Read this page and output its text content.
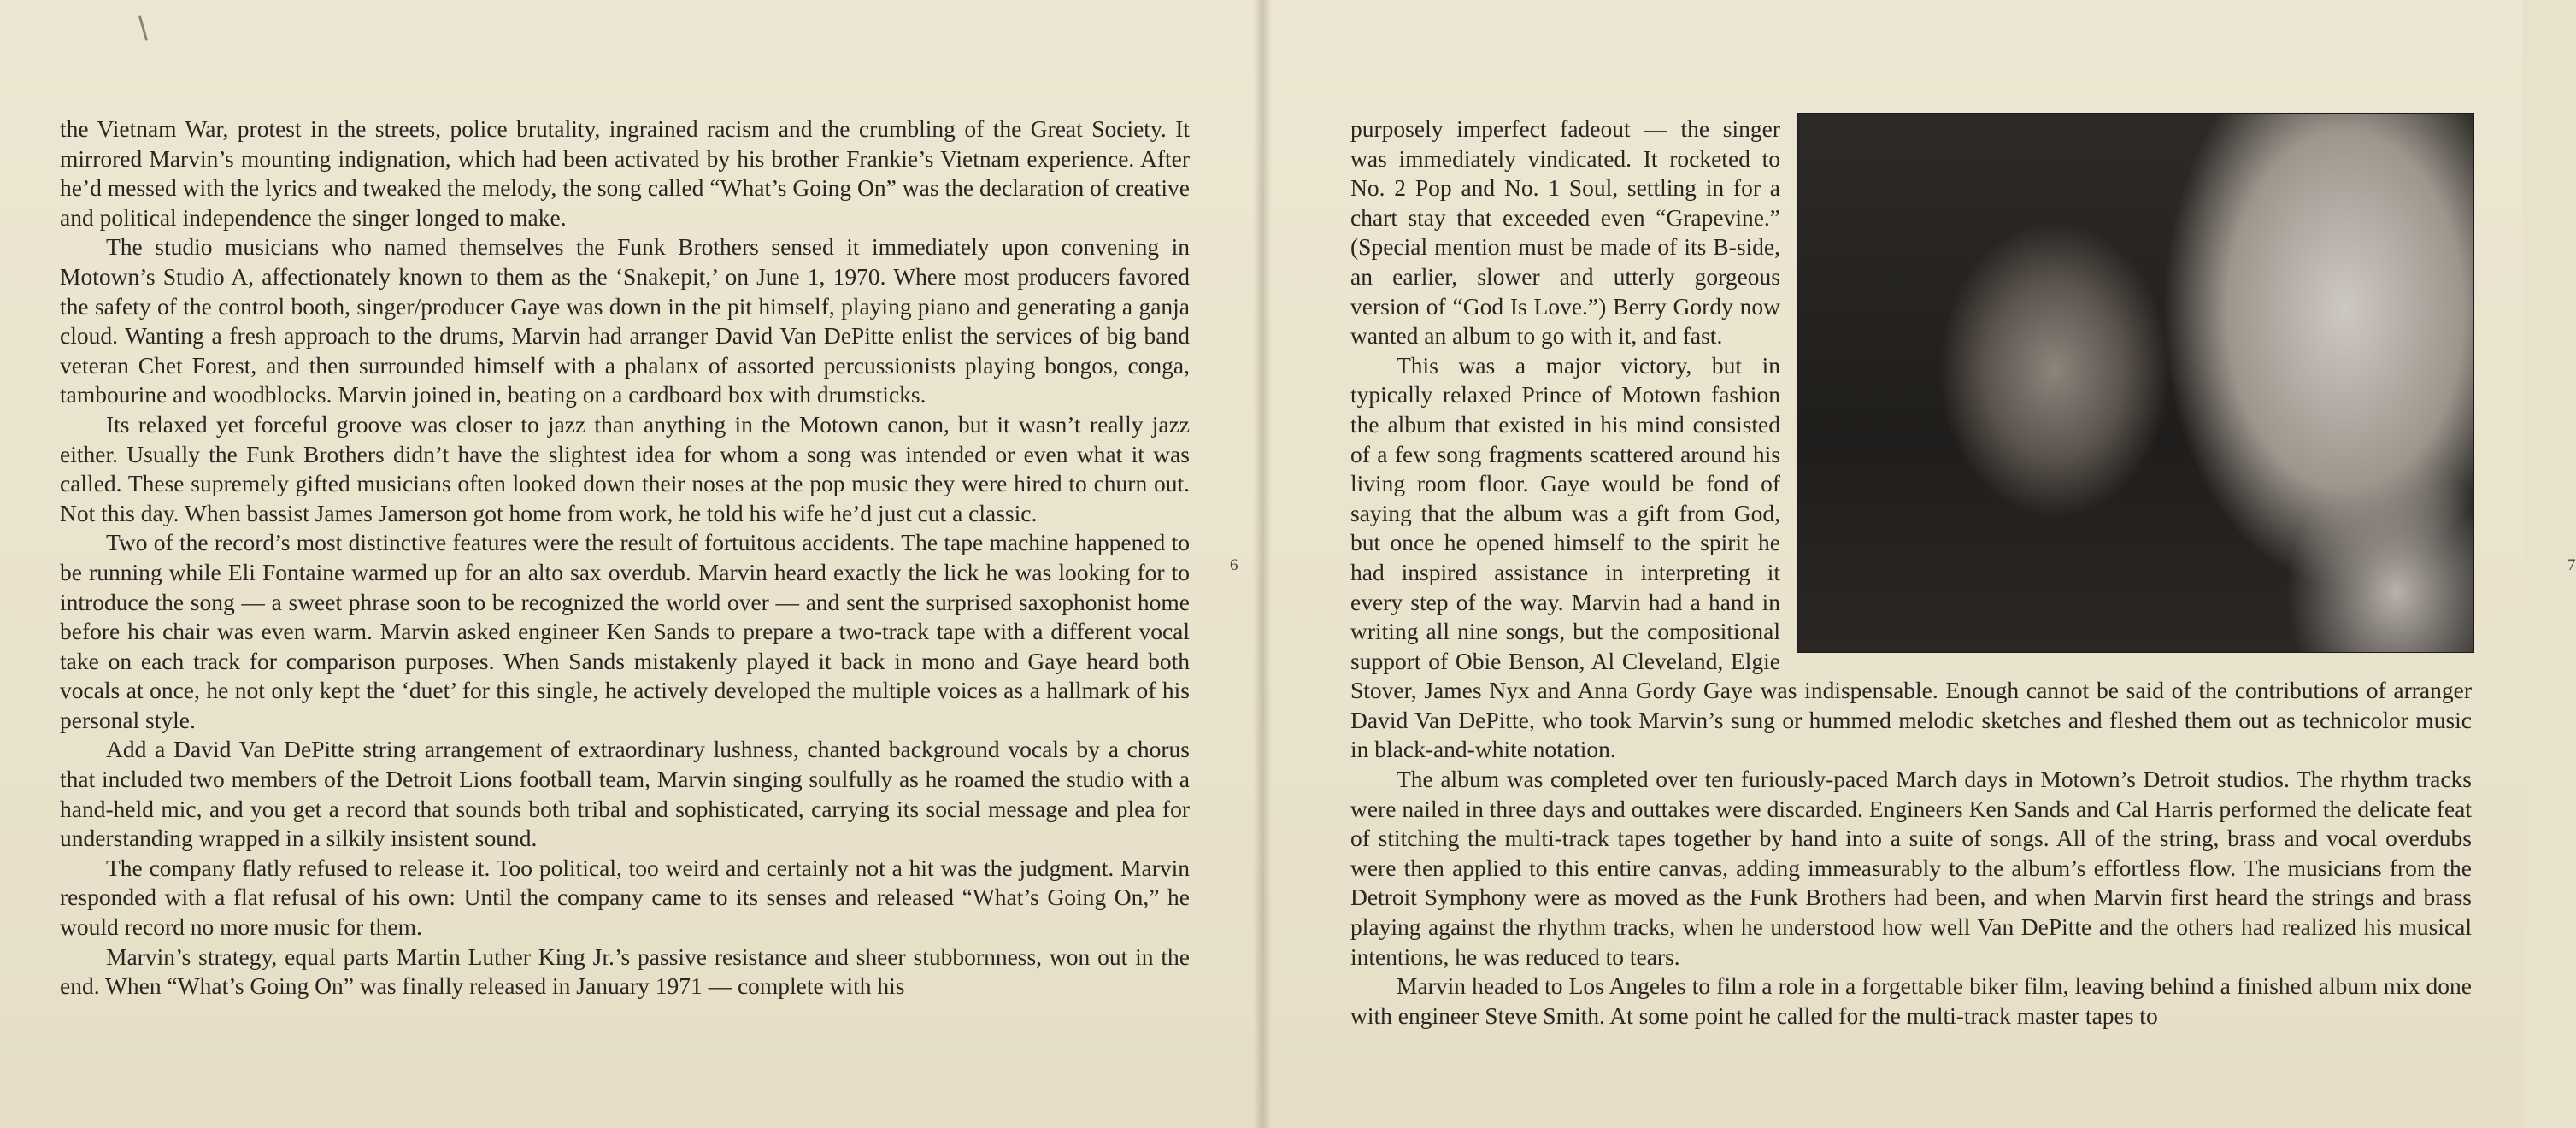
the Vietnam War, protest in the streets, police brutality, ingrained racism and the crumbling of the Great Society. It mirrored Marvin’s mounting indignation, which had been activated by his brother Frankie’s Vietnam experience. After he’d messed with the lyrics and tweaked the melody, the song called “What’s Going On” was the declaration of creative and political independence the singer longed to make.

The studio musicians who named themselves the Funk Brothers sensed it immediately upon convening in Motown’s Studio A, affectionately known to them as the ‘Snakepit,’ on June 1, 1970. Where most producers favored the safety of the control booth, singer/producer Gaye was down in the pit himself, playing piano and generating a ganja cloud. Wanting a fresh approach to the drums, Marvin had arranger David Van DePitte enlist the services of big band veteran Chet Forest, and then surrounded himself with a phalanx of assorted percussionists playing bongos, conga, tambourine and woodblocks. Marvin joined in, beating on a cardboard box with drumsticks.

Its relaxed yet forceful groove was closer to jazz than anything in the Motown canon, but it wasn’t really jazz either. Usually the Funk Brothers didn’t have the slightest idea for whom a song was intended or even what it was called. These supremely gifted musicians often looked down their noses at the pop music they were hired to churn out. Not this day. When bassist James Jamerson got home from work, he told his wife he’d just cut a classic.

Two of the record’s most distinctive features were the result of fortuitous accidents. The tape machine happened to be running while Eli Fontaine warmed up for an alto sax overdub. Marvin heard exactly the lick he was looking for to introduce the song — a sweet phrase soon to be recognized the world over — and sent the surprised saxophonist home before his chair was even warm. Marvin asked engineer Ken Sands to prepare a two-track tape with a different vocal take on each track for comparison purposes. When Sands mistakenly played it back in mono and Gaye heard both vocals at once, he not only kept the ‘duet’ for this single, he actively developed the multiple voices as a hallmark of his personal style.

Add a David Van DePitte string arrangement of extraordinary lushness, chanted background vocals by a chorus that included two members of the Detroit Lions football team, Marvin singing soulfully as he roamed the studio with a hand-held mic, and you get a record that sounds both tribal and sophisticated, carrying its social message and plea for understanding wrapped in a silkily insistent sound.

The company flatly refused to release it. Too political, too weird and certainly not a hit was the judgment. Marvin responded with a flat refusal of his own: Until the company came to its senses and released “What’s Going On,” he would record no more music for them.

Marvin’s strategy, equal parts Martin Luther King Jr.’s passive resistance and sheer stubbornness, won out in the end. When “What’s Going On” was finally released in January 1971 — complete with his

6	7

purposely imperfect fadeout — the singer was immediately vindicated. It rocketed to No. 2 Pop and No. 1 Soul, settling in for a chart stay that exceeded even “Grapevine.” (Special mention must be made of its B-side, an earlier, slower and utterly gorgeous version of “God Is Love.”) Berry Gordy now wanted an album to go with it, and fast.

This was a major victory, but in typically relaxed Prince of Motown fashion the album that existed in his mind consisted of a few song fragments scattered around his living room floor. Gaye would be fond of saying that the album was a gift from God, but once he opened himself to the spirit he had inspired assistance in interpreting it every step of the way. Marvin had a hand in writing all nine songs, but the compositional support of Obie Benson, Al Cleveland, Elgie Stover, James Nyx and Anna Gordy Gaye was indispensable. Enough cannot be said of the contributions of arranger David Van DePitte, who took Marvin’s sung or hummed melodic sketches and fleshed them out as technicolor music in black-and-white notation.

The album was completed over ten furiously-paced March days in Motown’s Detroit studios. The rhythm tracks were nailed in three days and outtakes were discarded. Engineers Ken Sands and Cal Harris performed the delicate feat of stitching the multi-track tapes together by hand into a suite of songs. All of the string, brass and vocal overdubs were then applied to this entire canvas, adding immeasurably to the album’s effortless flow. The musicians from the Detroit Symphony were as moved as the Funk Brothers had been, and when Marvin first heard the strings and brass playing against the rhythm tracks, when he understood how well Van DePitte and the others had realized his musical intentions, he was reduced to tears.

Marvin headed to Los Angeles to film a role in a forgettable biker film, leaving behind a finished album mix done with engineer Steve Smith. At some point he called for the multi-track master tapes to
